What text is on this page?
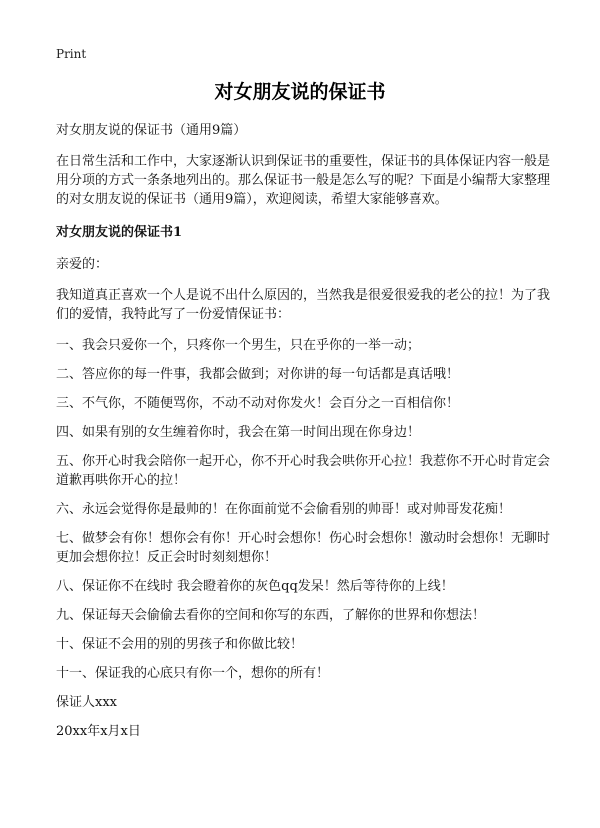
Print
对女朋友说的保证书

对女朋友说的保证书（通用9篇）

在日常生活和工作中，大家逐渐认识到保证书的重要性，保证书的具体保证内容一般是用分项的方式一条条地列出的。那么保证书一般是怎么写的呢？下面是小编帮大家整理的对女朋友说的保证书（通用9篇），欢迎阅读，希望大家能够喜欢。

对女朋友说的保证书1

亲爱的：

我知道真正喜欢一个人是说不出什么原因的，当然我是很爱很爱我的老公的拉！为了我们的爱情，我特此写了一份爱情保证书：

一、我会只爱你一个，只疼你一个男生，只在乎你的一举一动；

二、答应你的每一件事，我都会做到；对你讲的每一句话都是真话哦！

三、不气你，不随便骂你，不动不动对你发火！会百分之一百相信你！

四、如果有别的女生缠着你时，我会在第一时间出现在你身边！

五、你开心时我会陪你一起开心，你不开心时我会哄你开心拉！我惹你不开心时肯定会道歉再哄你开心的拉！

六、永远会觉得你是最帅的！在你面前觉不会偷看别的帅哥！或对帅哥发花痴！

七、做梦会有你！想你会有你！开心时会想你！伤心时会想你！激动时会想你！无聊时更加会想你拉！反正会时时刻刻想你！

八、保证你不在线时 我会瞪着你的灰色qq发呆！然后等待你的上线！

九、保证每天会偷偷去看你的空间和你写的东西，了解你的世界和你想法！

十、保证不会用的别的男孩子和你做比较！

十一、保证我的心底只有你一个，想你的所有！

保证人xxx

20xx年x月x日
